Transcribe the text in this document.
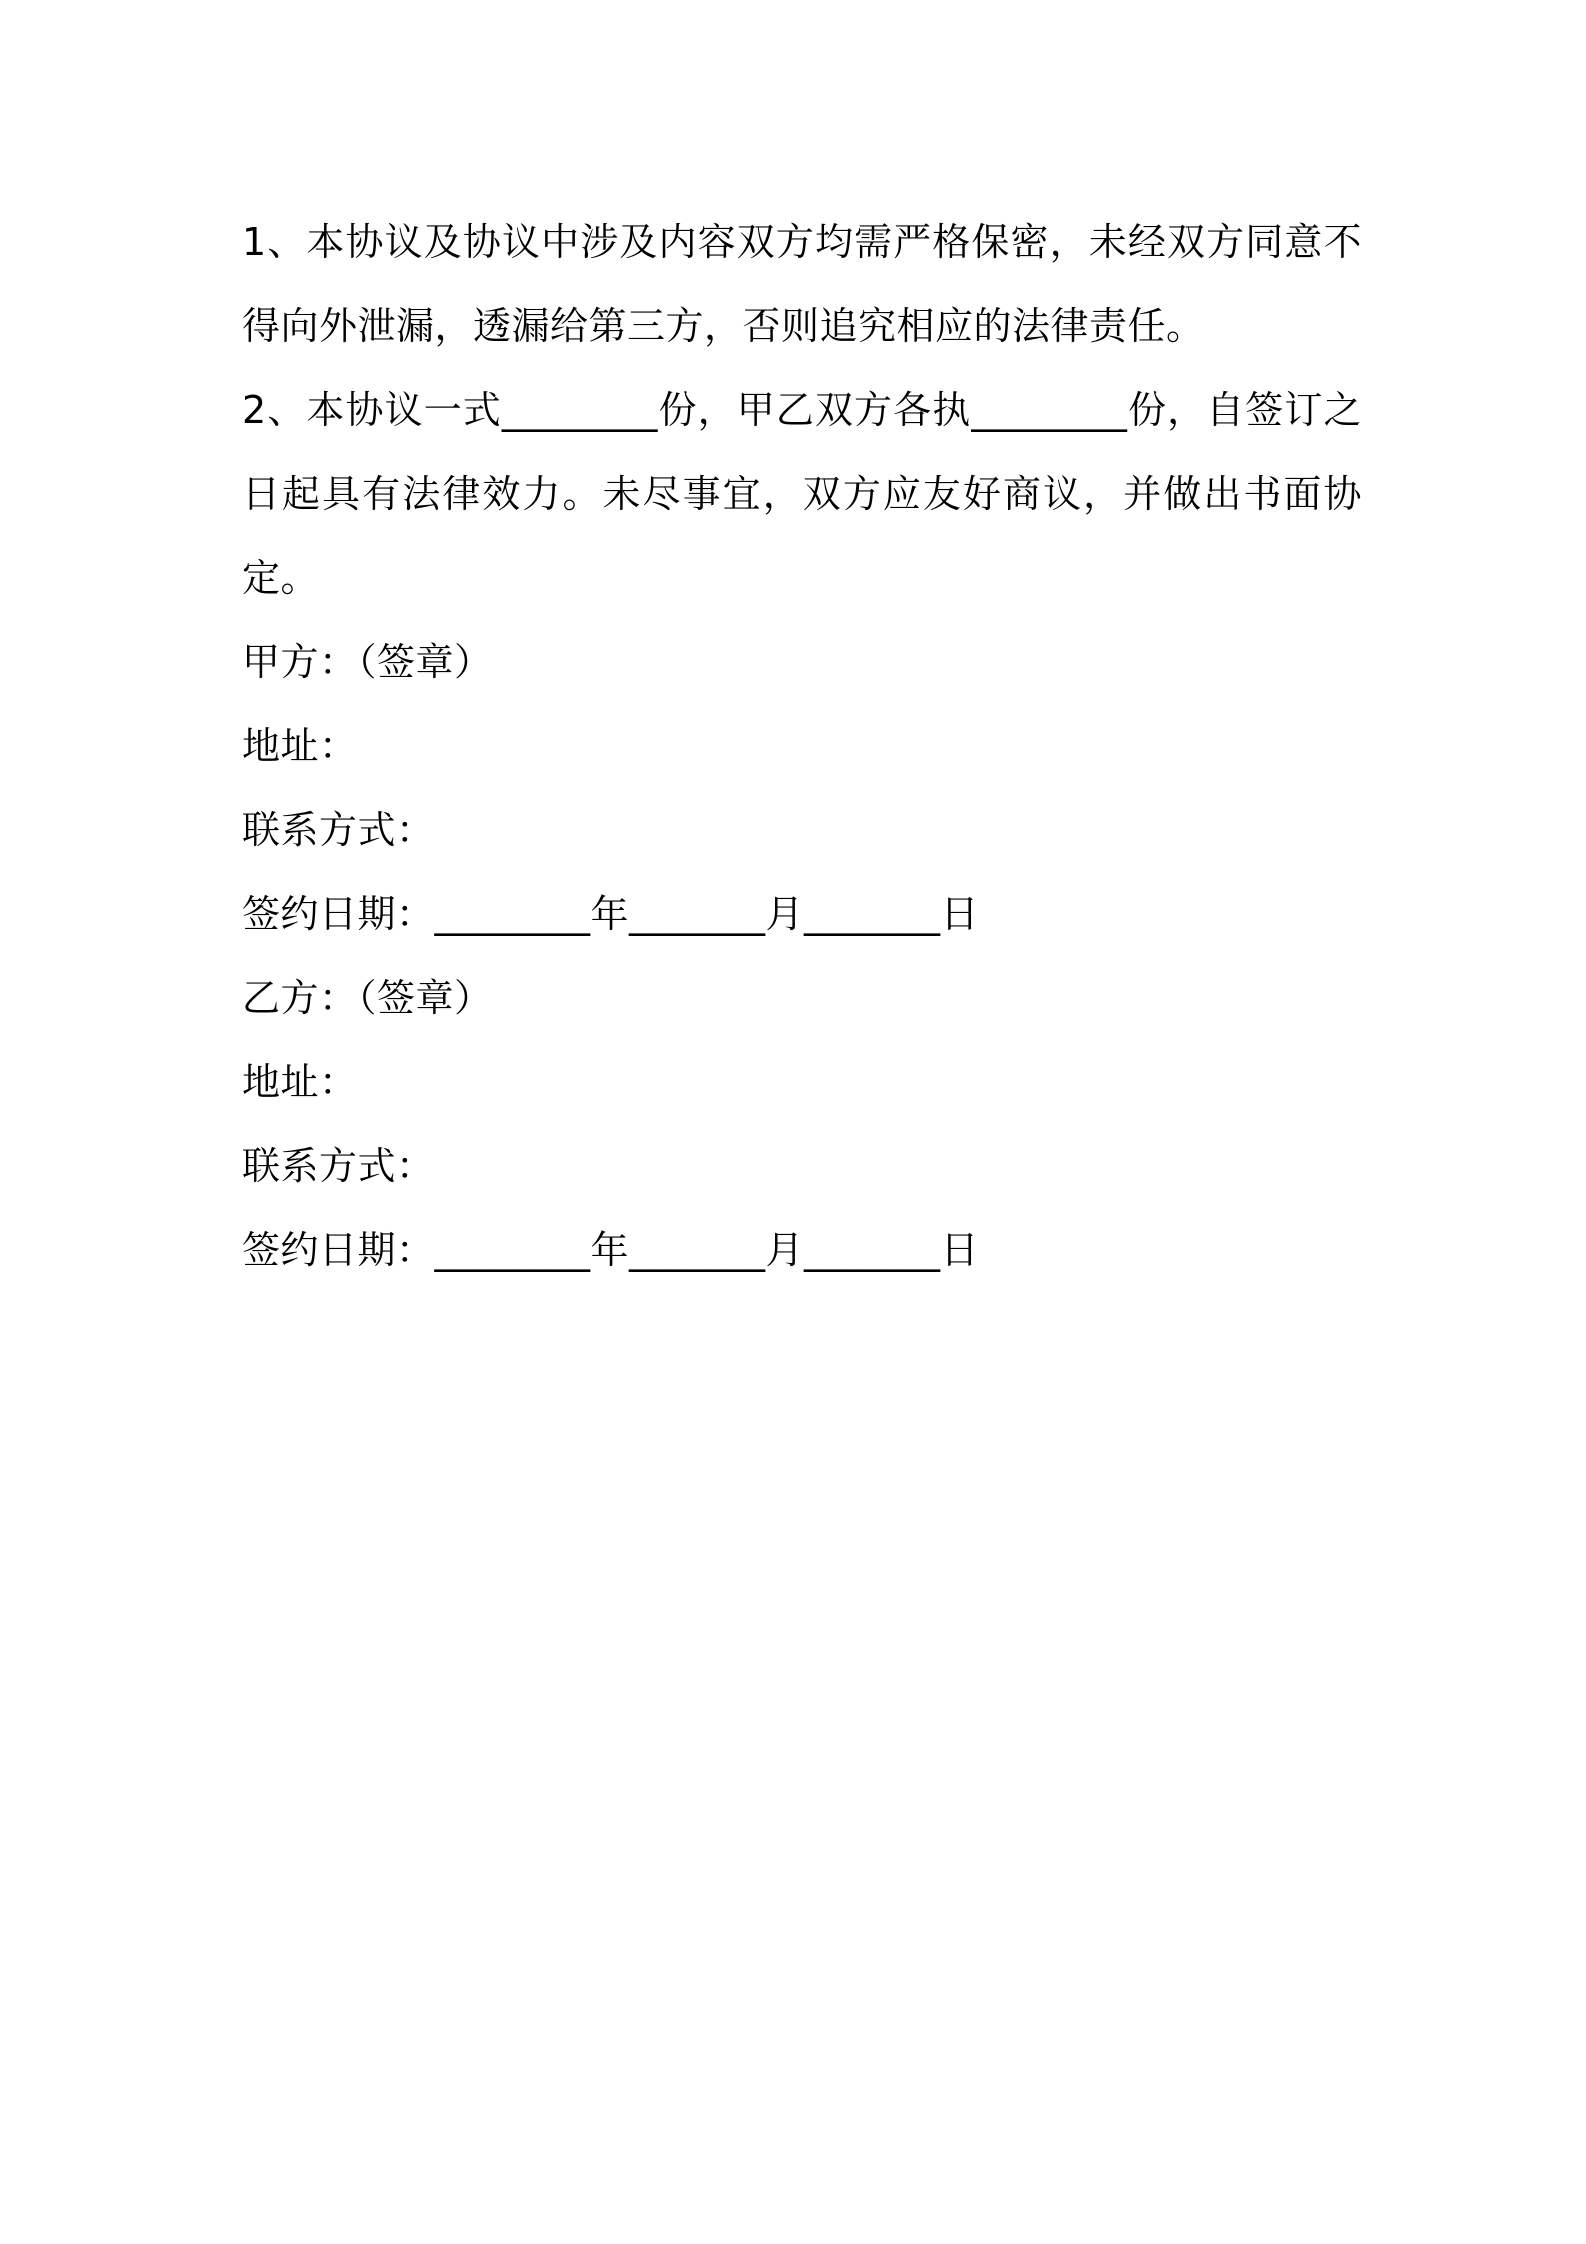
1、本协议及协议中涉及内容双方均需严格保密，未经双方同意不得向外泄漏，透漏给第三方，否则追究相应的法律责任。

2、本协议一式________份，甲乙双方各执________份，自签订之日起具有法律效力。未尽事宜，双方应友好商议，并做出书面协定。

甲方：（签章）

地址：

联系方式：

签约日期：________年_______月_______日

乙方：（签章）

地址：

联系方式：

签约日期：________年_______月_______日
